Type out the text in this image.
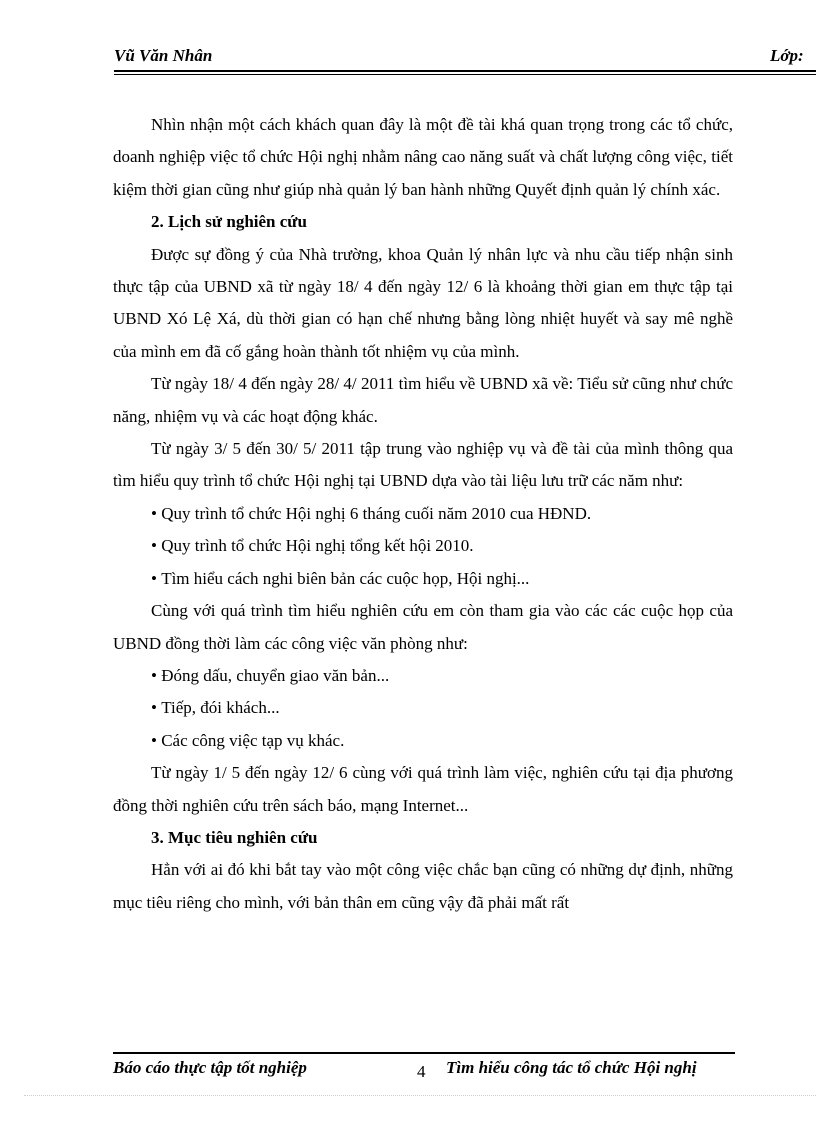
Vũ Văn Nhân	Lớp:

Nhìn nhận một cách khách quan đây là một đề tài khá quan trọng trong các tổ chức, doanh nghiệp việc tổ chức Hội nghị nhằm nâng cao năng suất và chất lượng công việc, tiết kiệm thời gian cũng như giúp nhà quản lý ban hành những Quyết định quản lý chính xác.

2. Lịch sử nghiên cứu

Được sự đồng ý của Nhà trường, khoa Quản lý nhân lực và nhu cầu tiếp nhận sinh thực tập của UBND xã từ ngày 18/ 4 đến ngày 12/ 6 là khoảng thời gian em thực tập tại UBND Xó Lệ Xá, dù thời gian có hạn chế nhưng bằng lòng nhiệt huyết và say mê nghề của mình em đã cố gắng hoàn thành tốt nhiệm vụ của mình.

Từ ngày 18/ 4 đến ngày 28/ 4/ 2011 tìm hiểu về UBND xã về: Tiểu sử cũng như chức năng, nhiệm vụ và các hoạt động khác.

Từ ngày 3/ 5 đến 30/ 5/ 2011 tập trung vào nghiệp vụ và đề tài của mình thông qua tìm hiểu quy trình tổ chức Hội nghị tại UBND dựa vào tài liệu lưu trữ các năm như:

• Quy trình tổ chức Hội nghị 6 tháng cuối năm 2010 cua HĐND.
• Quy trình tổ chức Hội nghị tổng kết hội 2010.
• Tìm hiểu cách nghi biên bản các cuộc họp, Hội nghị...

Cùng với quá trình tìm hiểu nghiên cứu em còn tham gia vào các các cuộc họp của UBND đồng thời làm các công việc văn phòng như:

• Đóng dấu, chuyển giao văn bản...
• Tiếp, đói khách...
• Các công việc tạp vụ khác.

Từ ngày 1/ 5 đến ngày 12/ 6 cùng với quá trình làm việc, nghiên cứu tại địa phương đồng thời nghiên cứu trên sách báo, mạng Internet...

3. Mục tiêu nghiên cứu

Hẳn với ai đó khi bắt tay vào một công việc chắc bạn cũng có những dự định, những mục tiêu riêng cho mình, với bản thân em cũng vậy đã phải mất rất

Báo cáo thực tập tốt nghiệp	4 Tìm hiểu công tác tổ chức Hội nghị
